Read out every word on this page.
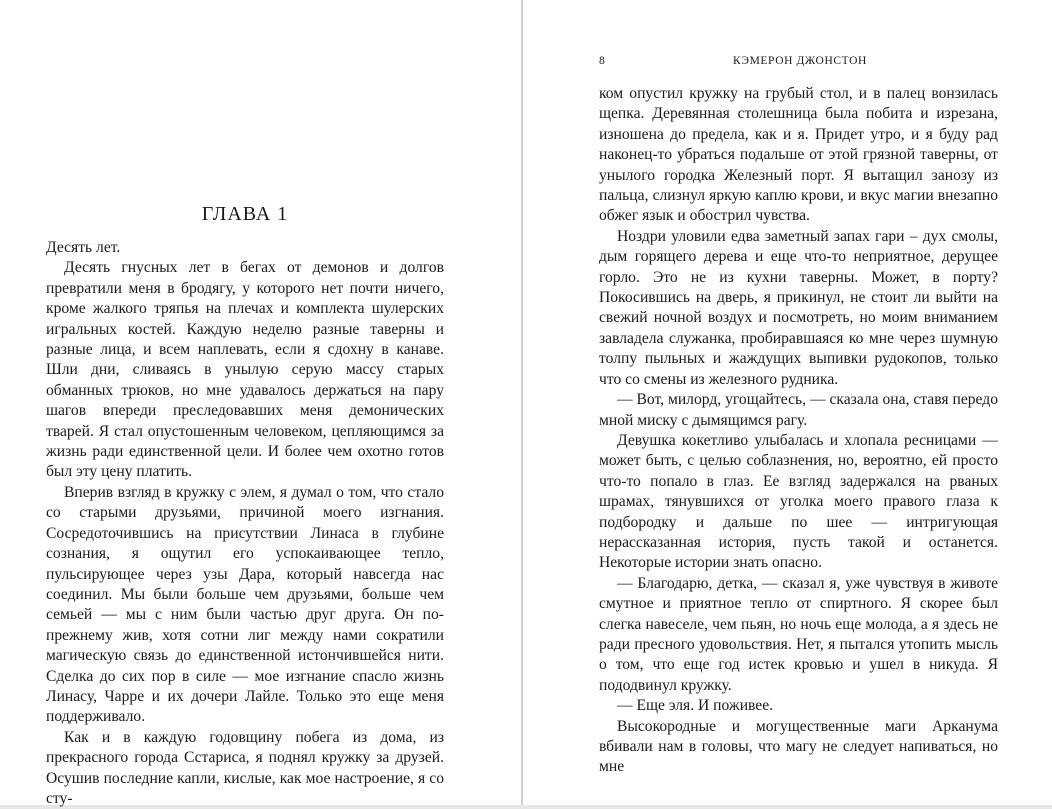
ГЛАВА 1

Десять лет.

Десять гнусных лет в бегах от демонов и долгов превратили меня в бродягу, у которого нет почти ничего, кроме жалкого тряпья на плечах и комплекта шулерских игральных костей. Каждую неделю разные таверны и разные лица, и всем наплевать, если я сдохну в канаве. Шли дни, сливаясь в унылую серую массу старых обманных трюков, но мне удавалось держаться на пару шагов впереди преследовавших меня демонических тварей. Я стал опустошенным человеком, цепляющимся за жизнь ради единственной цели. И более чем охотно готов был эту цену платить.

Вперив взгляд в кружку с элем, я думал о том, что стало со старыми друзьями, причиной моего изгнания. Сосредоточившись на присутствии Линаса в глубине сознания, я ощутил его успокаивающее тепло, пульсирующее через узы Дара, который навсегда нас соединил. Мы были больше чем друзьями, больше чем семьей — мы с ним были частью друг друга. Он по-прежнему жив, хотя сотни лиг между нами сократили магическую связь до единственной истончившейся нити. Сделка до сих пор в силе — мое изгнание спасло жизнь Линасу, Чарре и их дочери Лайле. Только это еще меня поддерживало.

Как и в каждую годовщину побега из дома, из прекрасного города Сстариса, я поднял кружку за друзей. Осушив последние капли, кислые, как мое настроение, я со сту-

8	КЭМЕРОН ДЖОНСТОН

ком опустил кружку на грубый стол, и в палец вонзилась щепка. Деревянная столешница была побита и изрезана, изношена до предела, как и я. Придет утро, и я буду рад наконец-то убраться подальше от этой грязной таверны, от унылого городка Железный порт. Я вытащил занозу из пальца, слизнул яркую каплю крови, и вкус магии внезапно обжег язык и обострил чувства.

Ноздри уловили едва заметный запах гари – дух смолы, дым горящего дерева и еще что-то неприятное, дерущее горло. Это не из кухни таверны. Может, в порту? Покосившись на дверь, я прикинул, не стоит ли выйти на свежий ночной воздух и посмотреть, но моим вниманием завладела служанка, пробиравшаяся ко мне через шумную толпу пыльных и жаждущих выпивки рудокопов, только что со смены из железного рудника.

— Вот, милорд, угощайтесь, — сказала она, ставя передо мной миску с дымящимся рагу.

Девушка кокетливо улыбалась и хлопала ресницами — может быть, с целью соблазнения, но, вероятно, ей просто что-то попало в глаз. Ее взгляд задержался на рваных шрамах, тянувшихся от уголка моего правого глаза к подбородку и дальше по шее — интригующая нерассказанная история, пусть такой и останется. Некоторые истории знать опасно.

— Благодарю, детка, — сказал я, уже чувствуя в животе смутное и приятное тепло от спиртного. Я скорее был слегка навеселе, чем пьян, но ночь еще молода, а я здесь не ради пресного удовольствия. Нет, я пытался утопить мысль о том, что еще год истек кровью и ушел в никуда. Я пододвинул кружку.

— Еще эля. И поживее.

Высокородные и могущественные маги Арканума вбивали нам в головы, что магу не следует напиваться, но мне
